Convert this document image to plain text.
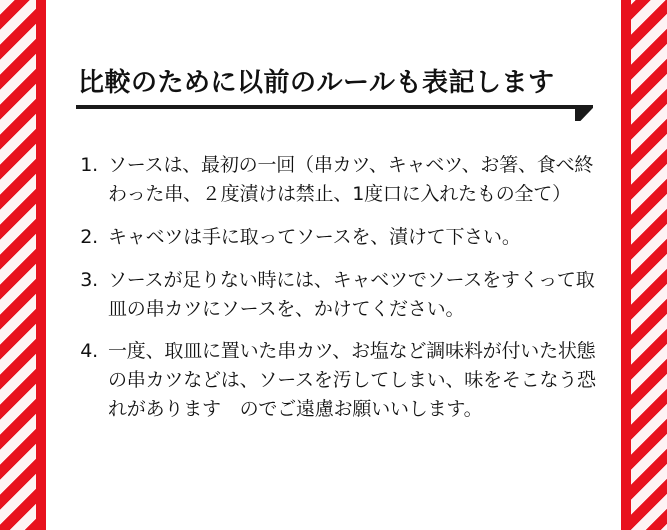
比較のために以前のルールも表記します
1. ソースは、最初の一回（串カツ、キャベツ、お箸、食べ終わった串、２度漬けは禁止、1度口に入れたもの全て）
2. キャベツは手に取ってソースを、漬けて下さい。
3. ソースが足りない時には、キャベツでソースをすくって取皿の串カツにソースを、かけてください。
4. 一度、取皿に置いた串カツ、お塩など調味料が付いた状態の串カツなどは、ソースを汚してしまい、味をそこなう恐れがあります　のでご遠慮お願いいします。
